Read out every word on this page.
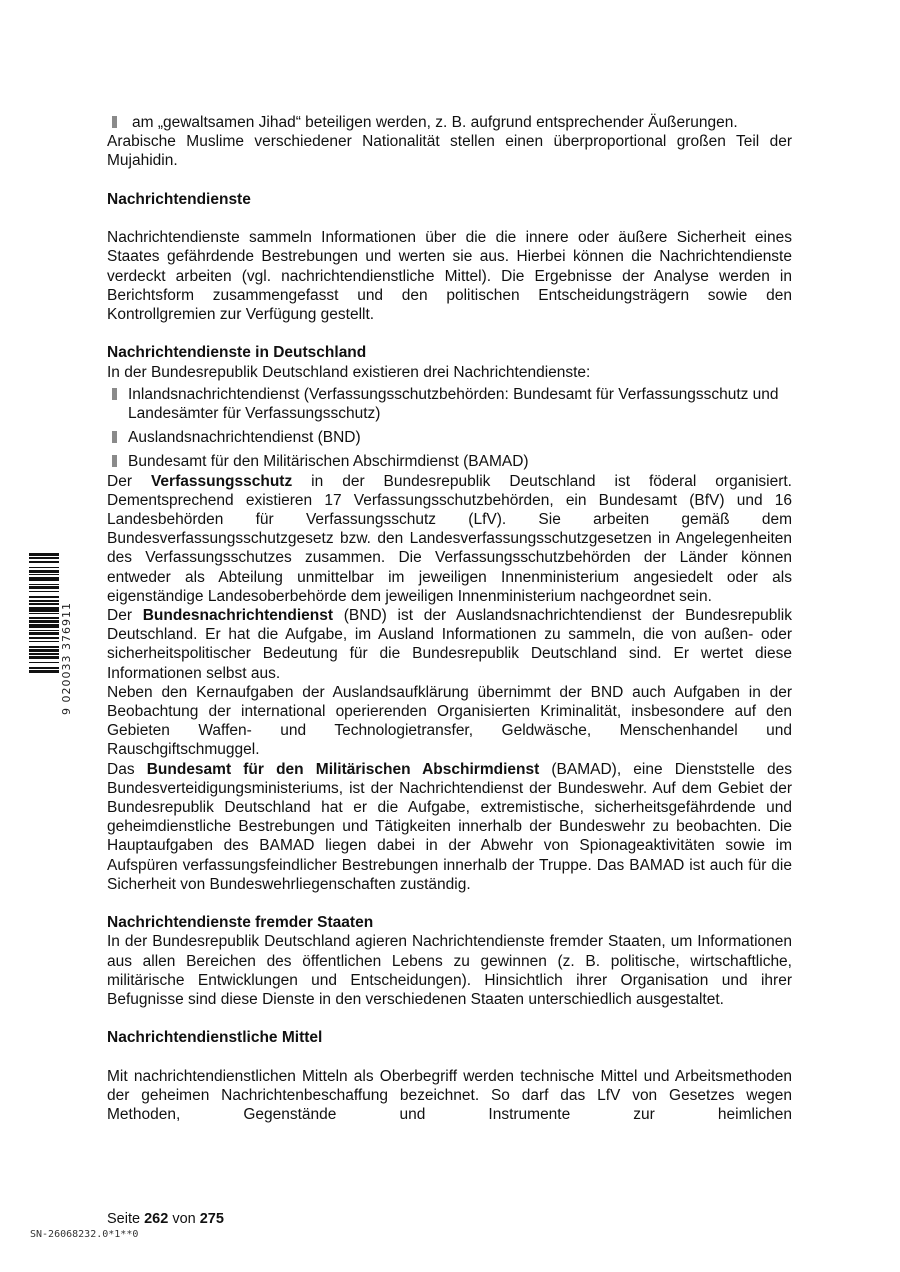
9 020033 376911
am „gewaltsamen Jihad“ beteiligen werden, z. B. aufgrund entsprechender Äußerungen.

Arabische Muslime verschiedener Nationalität stellen einen überproportional großen Teil der Mujahidin.

Nachrichtendienste

Nachrichtendienste sammeln Informationen über die die innere oder äußere Sicherheit eines Staates gefährdende Bestrebungen und werten sie aus. Hierbei können die Nachrichtendienste verdeckt arbeiten (vgl. nachrichtendienstliche Mittel). Die Ergebnisse der Analyse werden in Berichtsform zusammengefasst und den politischen Entscheidungsträgern sowie den Kontrollgremien zur Verfügung gestellt.

Nachrichtendienste in Deutschland

In der Bundesrepublik Deutschland existieren drei Nachrichtendienste:

Inlandsnachrichtendienst (Verfassungsschutzbehörden: Bundesamt für Verfassungsschutz und Landesämter für Verfassungsschutz)
Auslandsnachrichtendienst (BND)
Bundesamt für den Militärischen Abschirmdienst (BAMAD)

Der Verfassungsschutz in der Bundesrepublik Deutschland ist föderal organisiert. Dementsprechend existieren 17 Verfassungsschutzbehörden, ein Bundesamt (BfV) und 16 Landesbehörden für Verfassungsschutz (LfV). Sie arbeiten gemäß dem Bundesverfassungsschutzgesetz bzw. den Landesverfassungsschutzgesetzen in Angelegenheiten des Verfassungsschutzes zusammen. Die Verfassungsschutzbehörden der Länder können entweder als Abteilung unmittelbar im jeweiligen Innenministerium angesiedelt oder als eigenständige Landesoberbehörde dem jeweiligen Innenministerium nachgeordnet sein.

Der Bundesnachrichtendienst (BND) ist der Auslandsnachrichtendienst der Bundesrepublik Deutschland. Er hat die Aufgabe, im Ausland Informationen zu sammeln, die von außen- oder sicherheitspolitischer Bedeutung für die Bundesrepublik Deutschland sind. Er wertet diese Informationen selbst aus.

Neben den Kernaufgaben der Auslandsaufklärung übernimmt der BND auch Aufgaben in der Beobachtung der international operierenden Organisierten Kriminalität, insbesondere auf den Gebieten Waffen- und Technologietransfer, Geldwäsche, Menschenhandel und Rauschgiftschmuggel.

Das Bundesamt für den Militärischen Abschirmdienst (BAMAD), eine Dienststelle des Bundesverteidigungsministeriums, ist der Nachrichtendienst der Bundeswehr. Auf dem Gebiet der Bundesrepublik Deutschland hat er die Aufgabe, extremistische, sicherheitsgefährdende und geheimdienstliche Bestrebungen und Tätigkeiten innerhalb der Bundeswehr zu beobachten. Die Hauptaufgaben des BAMAD liegen dabei in der Abwehr von Spionageaktivitäten sowie im Aufspüren verfassungsfeindlicher Bestrebungen innerhalb der Truppe. Das BAMAD ist auch für die Sicherheit von Bundeswehrliegenschaften zuständig.

Nachrichtendienste fremder Staaten

In der Bundesrepublik Deutschland agieren Nachrichtendienste fremder Staaten, um Informationen aus allen Bereichen des öffentlichen Lebens zu gewinnen (z. B. politische, wirtschaftliche, militärische Entwicklungen und Entscheidungen). Hinsichtlich ihrer Organisation und ihrer Befugnisse sind diese Dienste in den verschiedenen Staaten unterschiedlich ausgestaltet.

Nachrichtendienstliche Mittel

Mit nachrichtendienstlichen Mitteln als Oberbegriff werden technische Mittel und Arbeitsmethoden der geheimen Nachrichtenbeschaffung bezeichnet. So darf das LfV von Gesetzes wegen Methoden, Gegenstände und Instrumente zur heimlichen

Seite 262 von 275
SN-26068232.0*1**0
